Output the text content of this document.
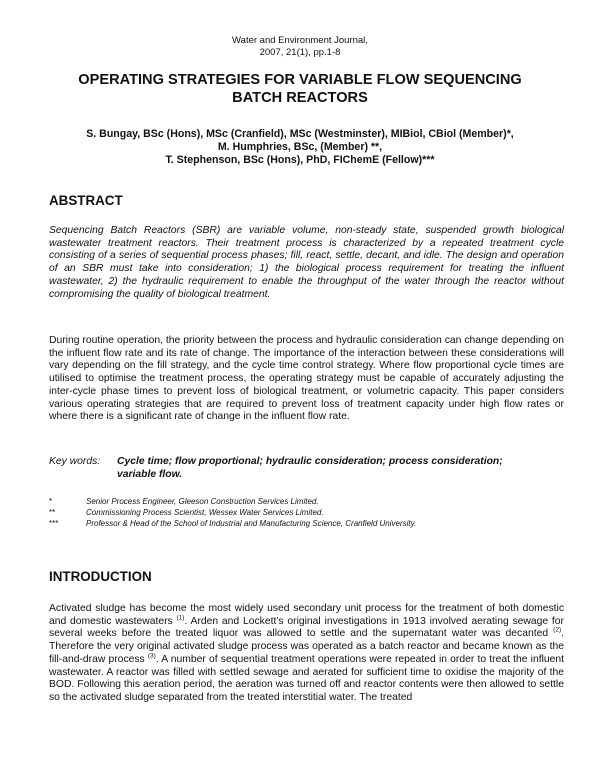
Water and Environment Journal,
2007, 21(1), pp.1-8
OPERATING STRATEGIES FOR VARIABLE FLOW SEQUENCING
BATCH REACTORS
S. Bungay, BSc (Hons), MSc (Cranfield), MSc (Westminster), MIBiol, CBiol (Member)*,
M. Humphries, BSc, (Member) **,
T. Stephenson, BSc (Hons), PhD, FIChemE (Fellow)***
ABSTRACT
Sequencing Batch Reactors (SBR) are variable volume, non-steady state, suspended growth biological wastewater treatment reactors. Their treatment process is characterized by a repeated treatment cycle consisting of a series of sequential process phases; fill, react, settle, decant, and idle. The design and operation of an SBR must take into consideration; 1) the biological process requirement for treating the influent wastewater, 2) the hydraulic requirement to enable the throughput of the water through the reactor without compromising the quality of biological treatment.
During routine operation, the priority between the process and hydraulic consideration can change depending on the influent flow rate and its rate of change. The importance of the interaction between these considerations will vary depending on the fill strategy, and the cycle time control strategy. Where flow proportional cycle times are utilised to optimise the treatment process, the operating strategy must be capable of accurately adjusting the inter-cycle phase times to prevent loss of biological treatment, or volumetric capacity. This paper considers various operating strategies that are required to prevent loss of treatment capacity under high flow rates or where there is a significant rate of change in the influent flow rate.
Key words: Cycle time; flow proportional; hydraulic consideration; process consideration;
variable flow.
*	Senior Process Engineer, Gleeson Construction Services Limited.
**	Commissioning Process Scientist, Wessex Water Services Limited.
***	Professor & Head of the School of Industrial and Manufacturing Science, Cranfield University.
INTRODUCTION
Activated sludge has become the most widely used secondary unit process for the treatment of both domestic and domestic wastewaters $^{(1)}$. Arden and Lockett’s original investigations in 1913 involved aerating sewage for several weeks before the treated liquor was allowed to settle and the supernatant water was decanted $^{(2)}$. Therefore the very original activated sludge process was operated as a batch reactor and became known as the fill-and-draw process $^{(3)}$. A number of sequential treatment operations were repeated in order to treat the influent wastewater. A reactor was filled with settled sewage and aerated for sufficient time to oxidise the majority of the BOD. Following this aeration period, the aeration was turned off and reactor contents were then allowed to settle so the activated sludge separated from the treated interstitial water. The treated
